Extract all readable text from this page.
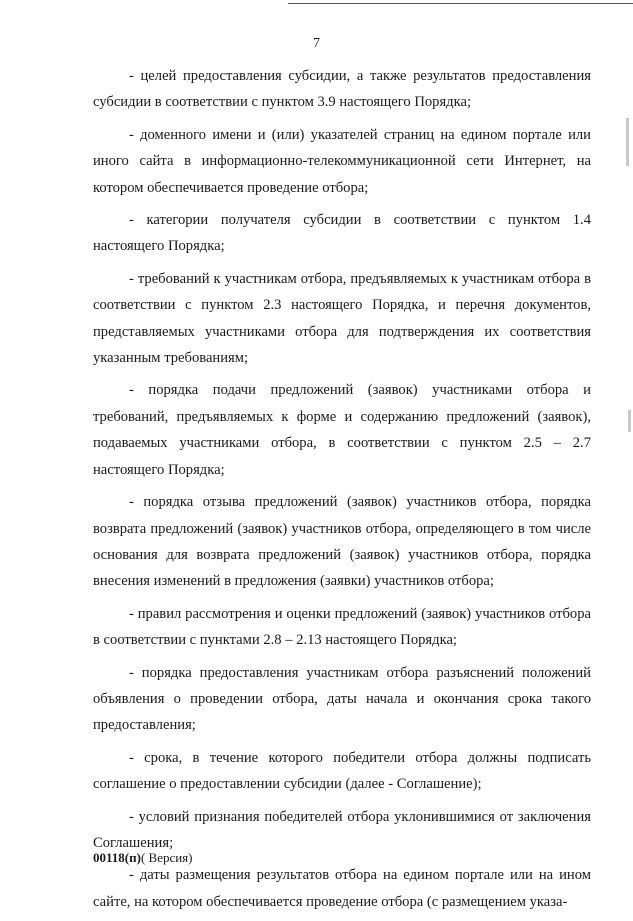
7

- целей предоставления субсидии, а также результатов предоставления субсидии в соответствии с пунктом 3.9 настоящего Порядка;

- доменного имени и (или) указателей страниц на едином портале или иного сайта в информационно-телекоммуникационной сети Интернет, на котором обеспечивается проведение отбора;

- категории получателя субсидии в соответствии с пунктом 1.4 настоящего Порядка;

- требований к участникам отбора, предъявляемых к участникам отбора в соответствии с пунктом 2.3 настоящего Порядка, и перечня документов, представляемых участниками отбора для подтверждения их соответствия указанным требованиям;

- порядка подачи предложений (заявок) участниками отбора и требований, предъявляемых к форме и содержанию предложений (заявок), подаваемых участниками отбора, в соответствии с пунктом 2.5 – 2.7 настоящего Порядка;

- порядка отзыва предложений (заявок) участников отбора, порядка возврата предложений (заявок) участников отбора, определяющего в том числе основания для возврата предложений (заявок) участников отбора, порядка внесения изменений в предложения (заявки) участников отбора;

- правил рассмотрения и оценки предложений (заявок) участников отбора в соответствии с пунктами 2.8 – 2.13 настоящего Порядка;

- порядка предоставления участникам отбора разъяснений положений объявления о проведении отбора, даты начала и окончания срока такого предоставления;

- срока, в течение которого победители отбора должны подписать соглашение о предоставлении субсидии (далее - Соглашение);

- условий признания победителей отбора уклонившимися от заключения Соглашения;

- даты размещения результатов отбора на едином портале или на ином сайте, на котором обеспечивается проведение отбора (с размещением указа-

00118(п)( Версия)
